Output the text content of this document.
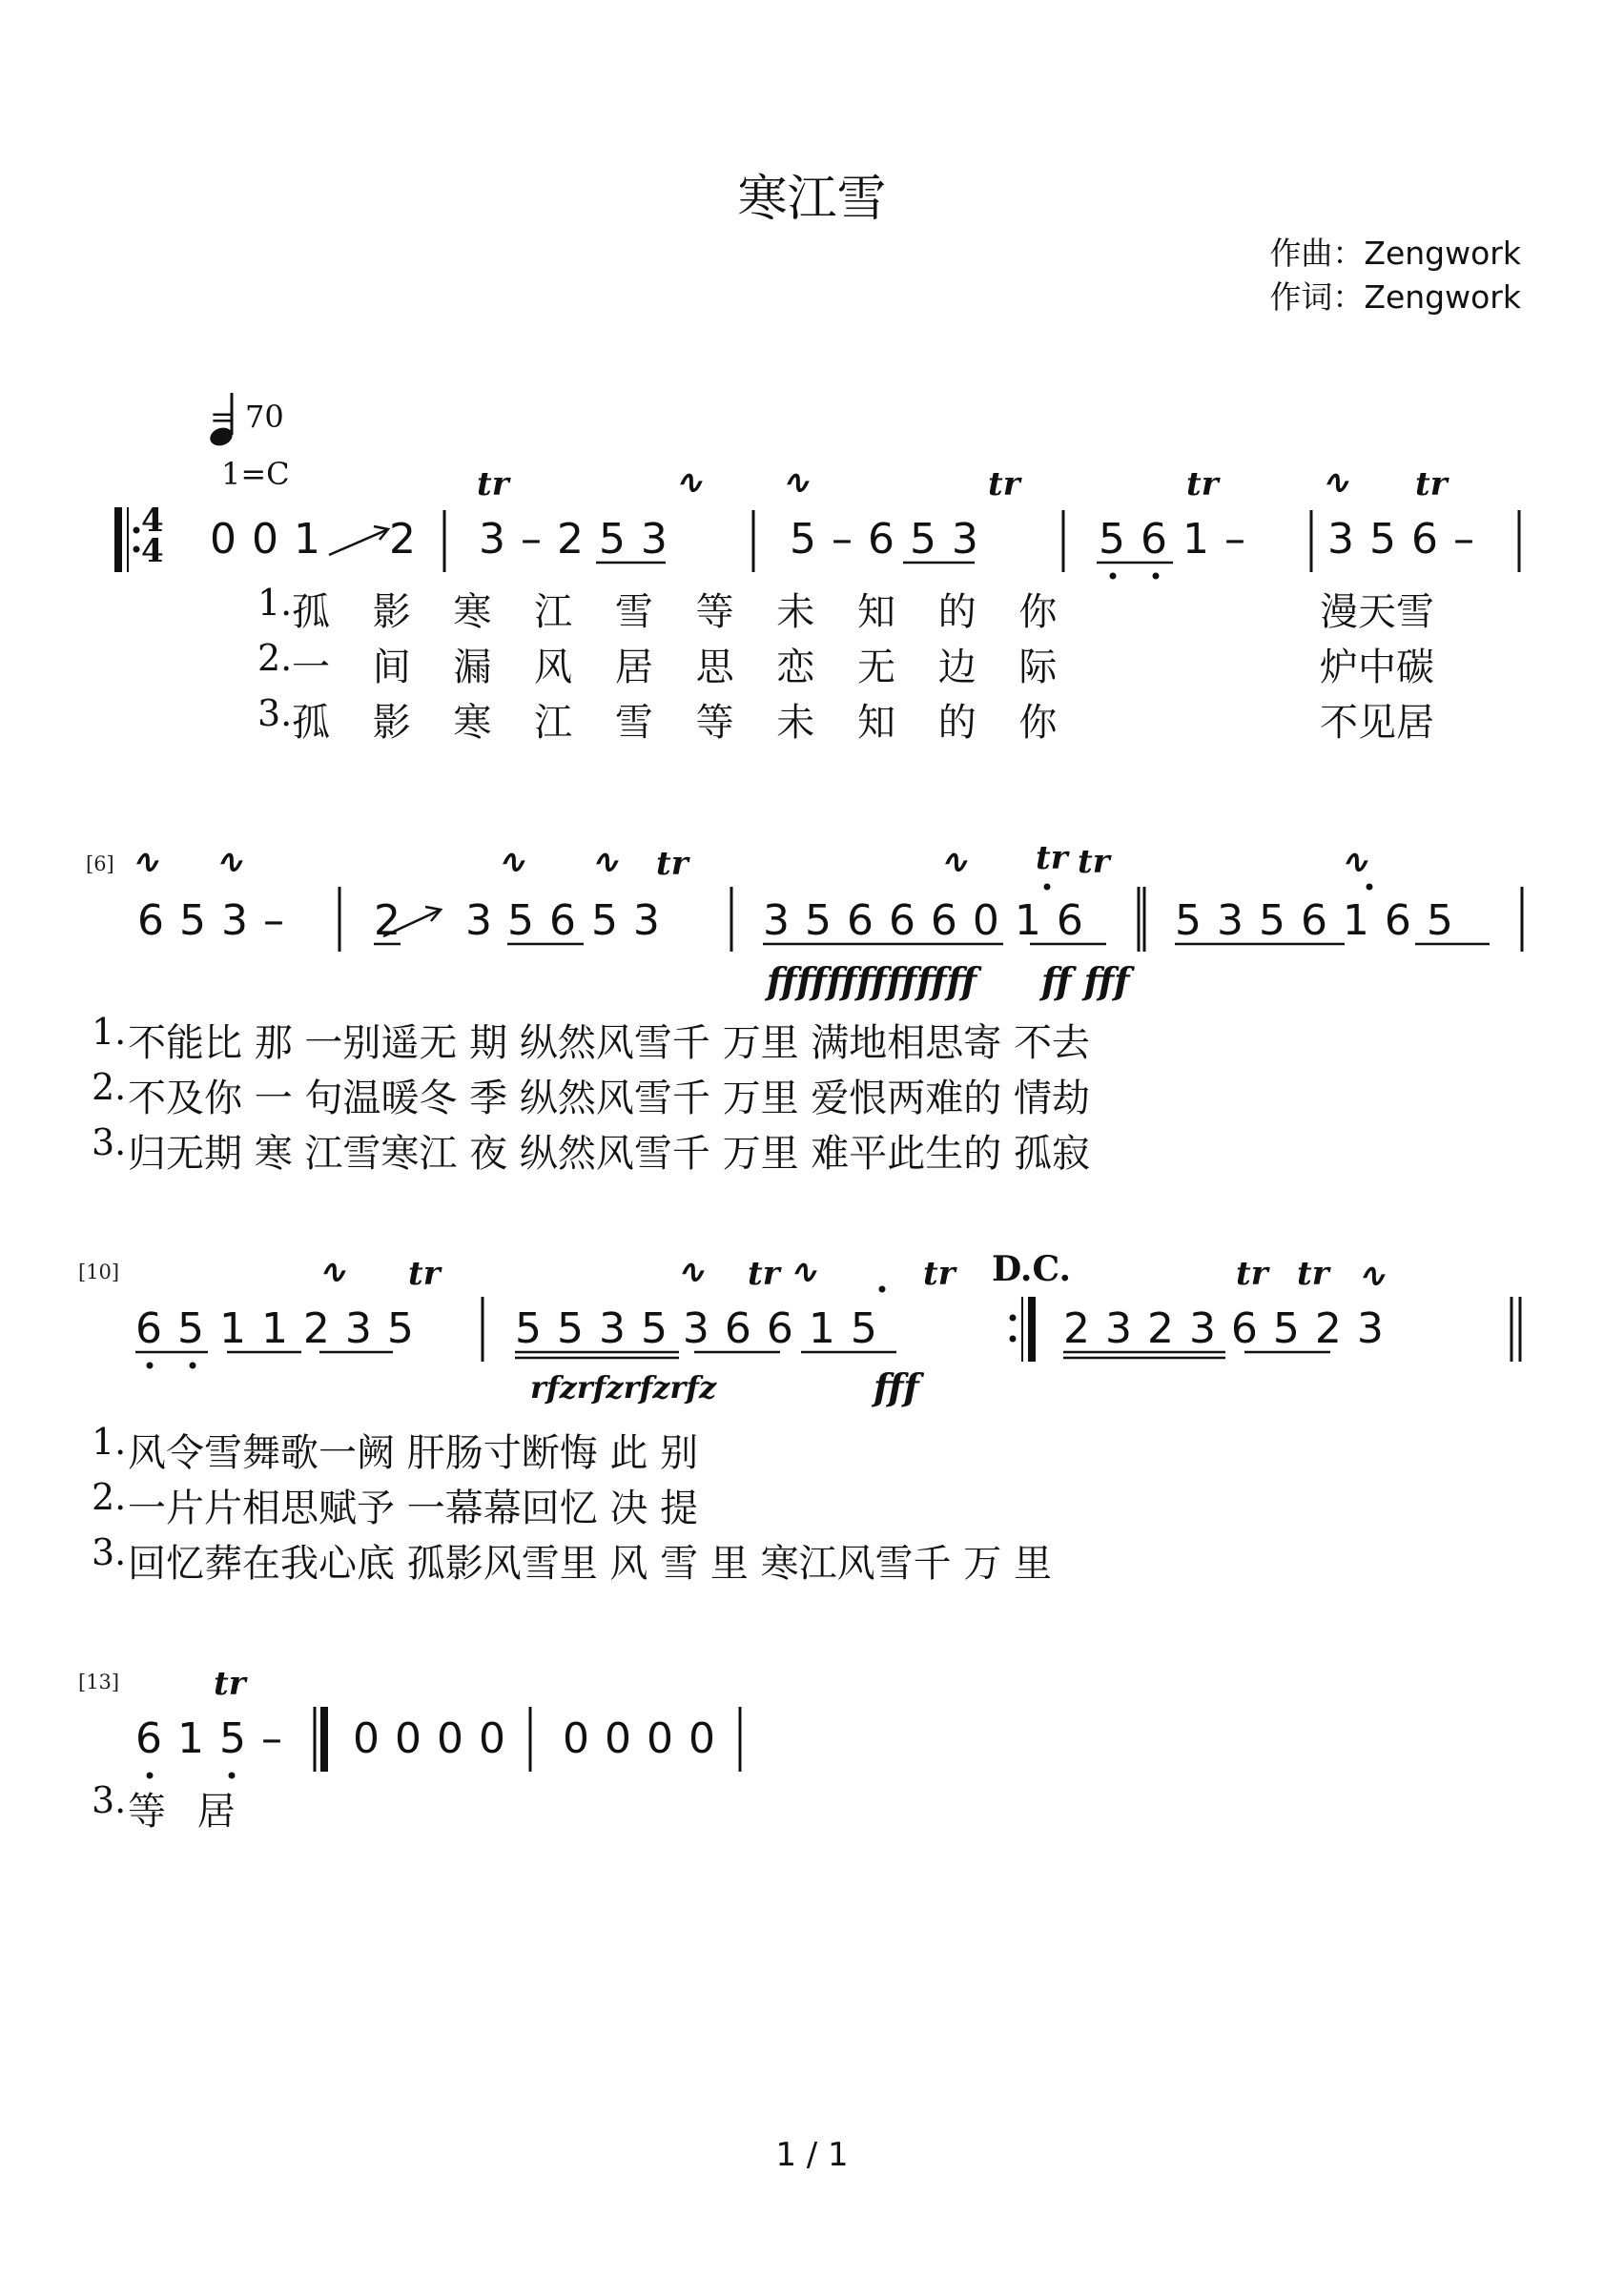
寒江雪
作曲：Zengwork
作词：Zengwork
= 70
1=C
4
4 0 0 1 2 3 – 2 5 3	5 – 6 5 3	5 6 1 – 3 5 6 –
tr	∿ ∿	tr	tr	∿ tr
1. 孤 影 寒 江 雪 等 未 知 的 你	漫天雪
2. 一 间 漏 风 居 思 恋 无 边 际	炉中碳
3. 孤 影 寒 江 雪 等 未 知 的 你	不见居
[6] ∿ ∿	∿ ∿ tr	∿ tr tr	∿
6 5 3 – 2 3 5 6 5 3 3 5 6 6 6 0 1 6 5 3 5 6 1 6 5
ffffffffffffff ff fff
1. 不能比 那 一别遥无 期 纵然风雪千 万里 满地相思寄 不去
2. 不及你 一 句温暖冬 季 纵然风雪千 万里 爱恨两难的 情劫
3. 归无期 寒 江雪寒江 夜 纵然风雪千 万里 难平此生的 孤寂
[10]	∿ tr	∿ tr ∿	tr D.C.	tr tr ∿
6 5 1 1 2 3 5 5 5 3 5 3 6 6 1 5	2 3 2 3 6 5 2 3
rfzrfzrfzrfz	fff
1. 风令雪舞歌一阙 肝肠寸断悔 此 别
2. 一片片相思赋予 一幕幕回忆 决 提
3. 回忆葬在我心底 孤影风雪里 风 雪 里 寒江风雪千 万 里
[13]	tr
6 1 5 – 0 0 0 0 0 0 0 0
3. 等 居
1 / 1
